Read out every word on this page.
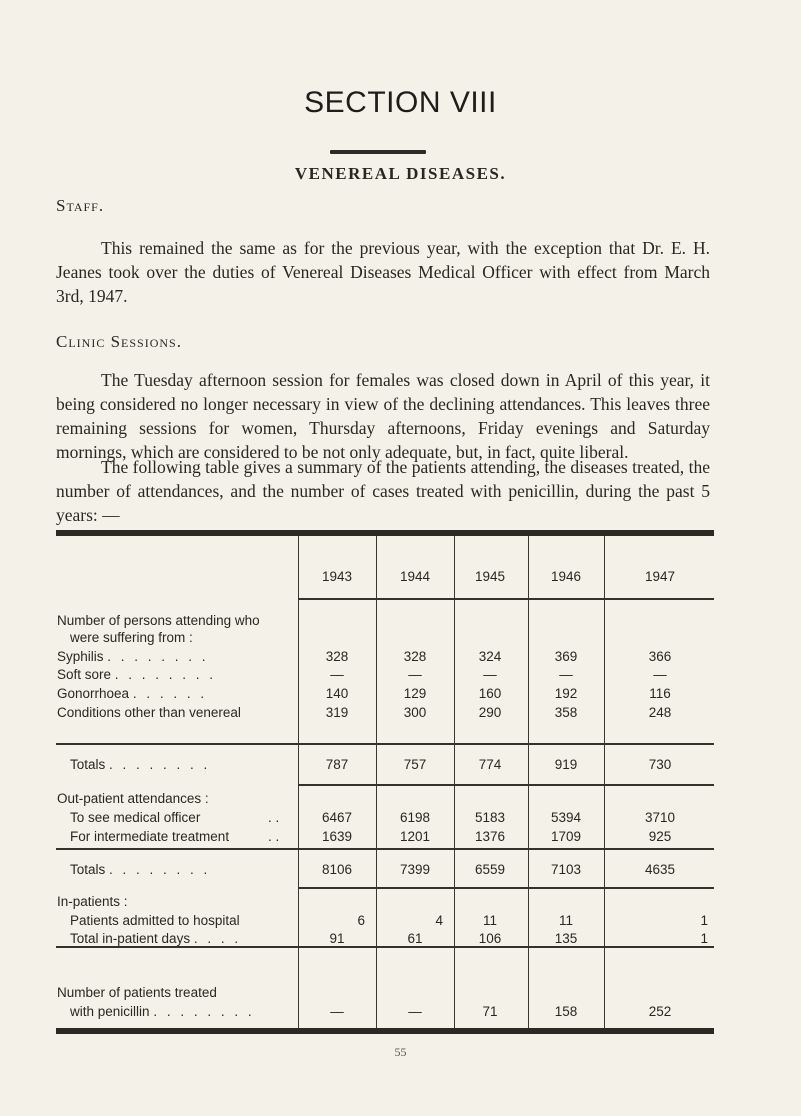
SECTION VIII
VENEREAL DISEASES.
Staff.
This remained the same as for the previous year, with the exception that Dr. E. H. Jeanes took over the duties of Venereal Diseases Medical Officer with effect from March 3rd, 1947.
Clinic Sessions.
The Tuesday afternoon session for females was closed down in April of this year, it being considered no longer necessary in view of the declining attendances. This leaves three remaining sessions for women, Thursday afternoons, Friday evenings and Saturday mornings, which are considered to be not only adequate, but, in fact, quite liberal.
The following table gives a summary of the patients attending, the diseases treated, the number of attendances, and the number of cases treated with penicillin, during the past 5 years: —
1943	1944	1945	1946	1947
Number of persons attending who
were suffering from :
Syphilis . . . . . . . .	328	328	324	369	366
Soft sore . . . . . . . .	—	—	—	—	—
Gonorrhoea . . . . . .	140	129	160	192	116
Conditions other than venereal	319	300	290	358	248
Totals . . . . . . . .	787	757	774	919	730
Out-patient attendances :
To see medical officer	. .	6467	6198	5183	5394	3710
For intermediate treatment	. .	1639	1201	1376	1709	925
Totals . . . . . . . .	8106	7399	6559	7103	4635
In-patients :
Patients admitted to hospital	6	4	11	11	1
Total in-patient days . . . .	91	61	106	135	1
Number of patients treated
with penicillin . . . . . . . .	—	—	71	158	252
55
